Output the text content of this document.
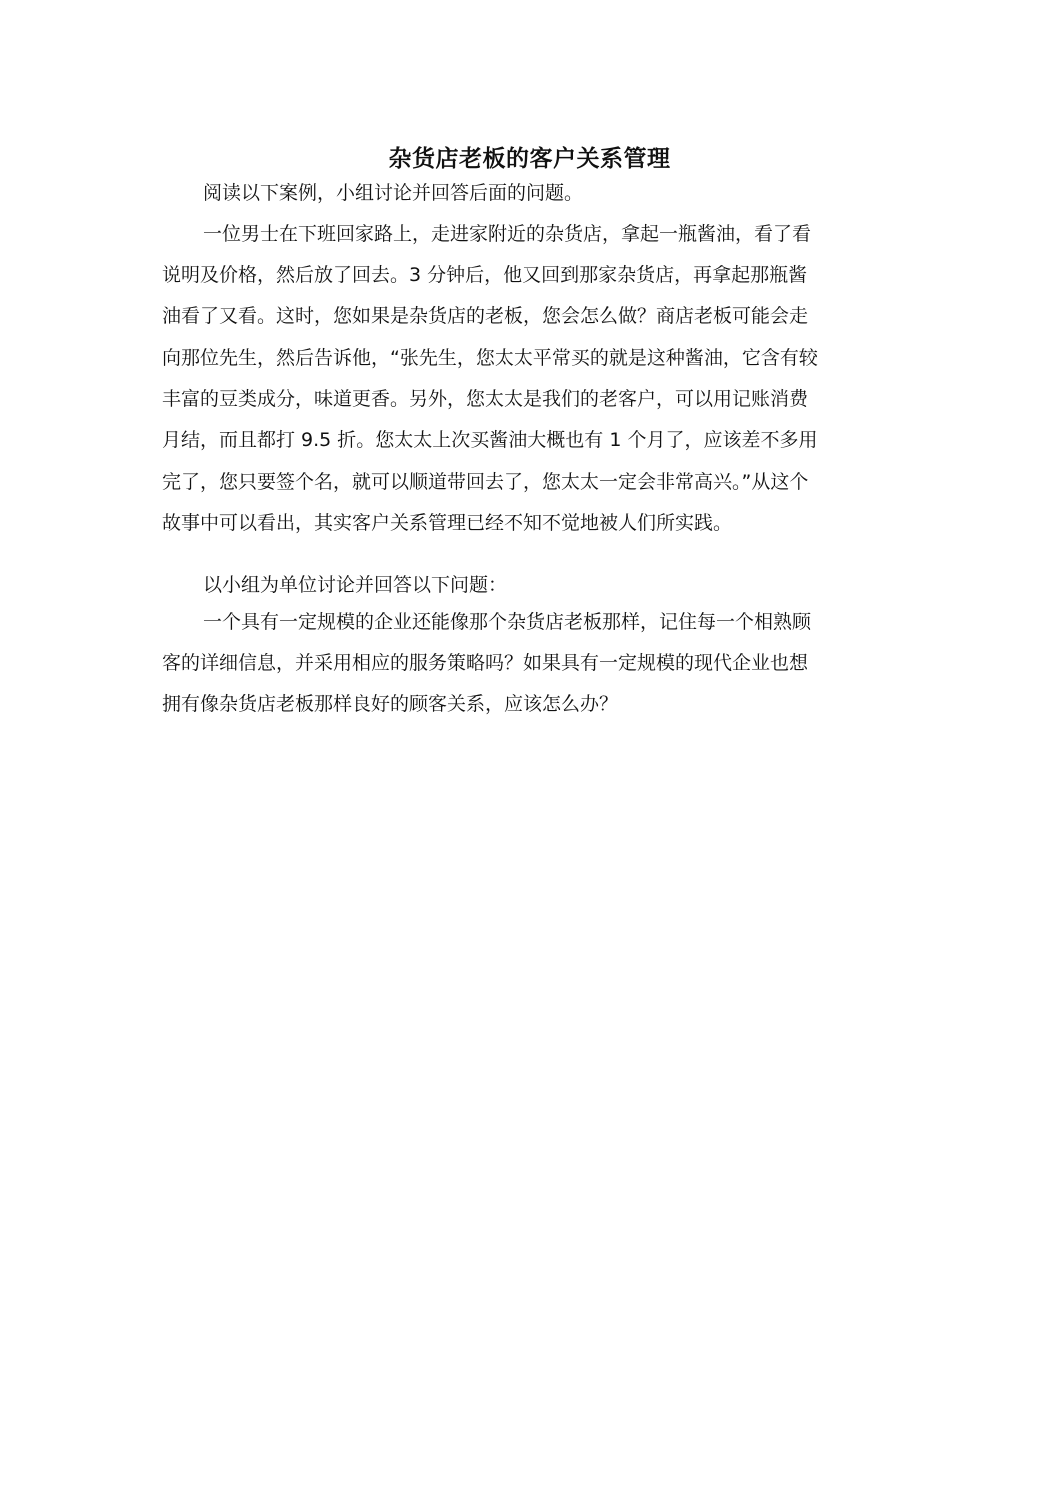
杂货店老板的客户关系管理
阅读以下案例，小组讨论并回答后面的问题。
一位男士在下班回家路上，走进家附近的杂货店，拿起一瓶酱油，看了看
说明及价格，然后放了回去。3 分钟后，他又回到那家杂货店，再拿起那瓶酱
油看了又看。这时，您如果是杂货店的老板，您会怎么做？商店老板可能会走
向那位先生，然后告诉他，“张先生，您太太平常买的就是这种酱油，它含有较
丰富的豆类成分，味道更香。另外，您太太是我们的老客户，可以用记账消费
月结，而且都打 9.5 折。您太太上次买酱油大概也有 1 个月了，应该差不多用
完了，您只要签个名，就可以顺道带回去了，您太太一定会非常高兴。”从这个
故事中可以看出，其实客户关系管理已经不知不觉地被人们所实践。
以小组为单位讨论并回答以下问题：
一个具有一定规模的企业还能像那个杂货店老板那样，记住每一个相熟顾
客的详细信息，并采用相应的服务策略吗？如果具有一定规模的现代企业也想
拥有像杂货店老板那样良好的顾客关系，应该怎么办？
